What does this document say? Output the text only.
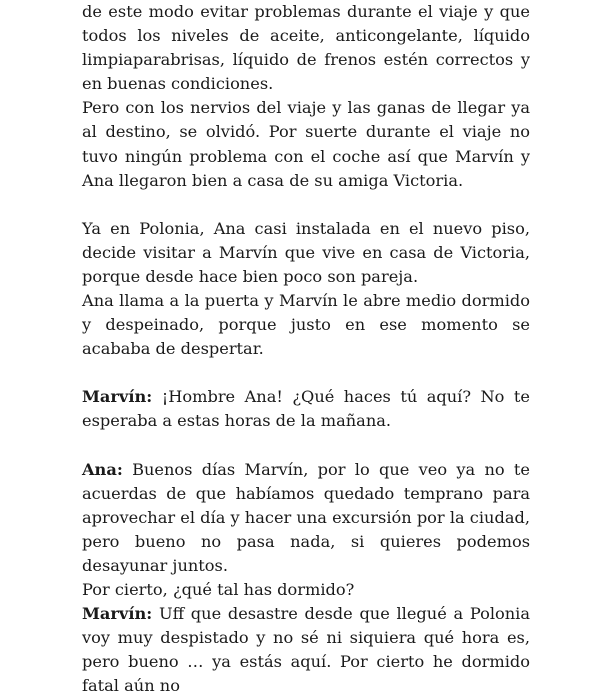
de este modo evitar problemas durante el viaje y que todos los niveles de aceite, anticongelante, líquido limpiaparabrisas, líquido de frenos estén correctos y en buenas condiciones.

Pero con los nervios del viaje y las ganas de llegar ya al destino, se olvidó. Por suerte durante el viaje no tuvo ningún problema con el coche así que Marvín y Ana llegaron bien a casa de su amiga Victoria.

Ya en Polonia, Ana casi instalada en el nuevo piso, decide visitar a Marvín que vive en casa de Victoria, porque desde hace bien poco son pareja.

Ana llama a la puerta y Marvín le abre medio dormido y despeinado, porque justo en ese momento se acababa de despertar.

Marvín: ¡Hombre Ana! ¿Qué haces tú aquí? No te esperaba a estas horas de la mañana.

Ana: Buenos días Marvín, por lo que veo ya no te acuerdas de que habíamos quedado temprano para aprovechar el día y hacer una excursión por la ciudad, pero bueno no pasa nada, si quieres podemos desayunar juntos.

Por cierto, ¿qué tal has dormido?

Marvín: Uff que desastre desde que llegué a Polonia voy muy despistado y no sé ni siquiera qué hora es, pero bueno … ya estás aquí. Por cierto he dormido fatal aún no
